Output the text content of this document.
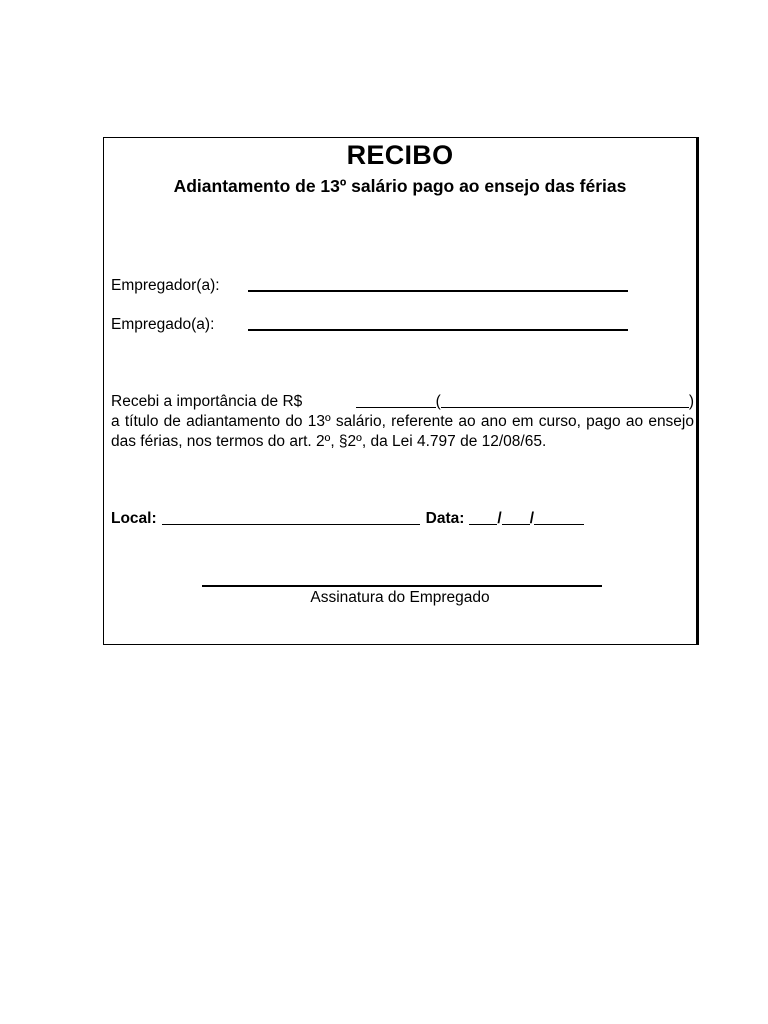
RECIBO
Adiantamento de 13º salário pago ao ensejo das férias
Empregador(a):
Empregado(a):
Recebi a importância de R$	(	)
a título de adiantamento do 13º salário, referente ao ano em curso, pago ao ensejo das férias, nos termos do art. 2º, §2º, da Lei 4.797 de 12/08/65.
Local:	Data: / /
Assinatura do Empregado
